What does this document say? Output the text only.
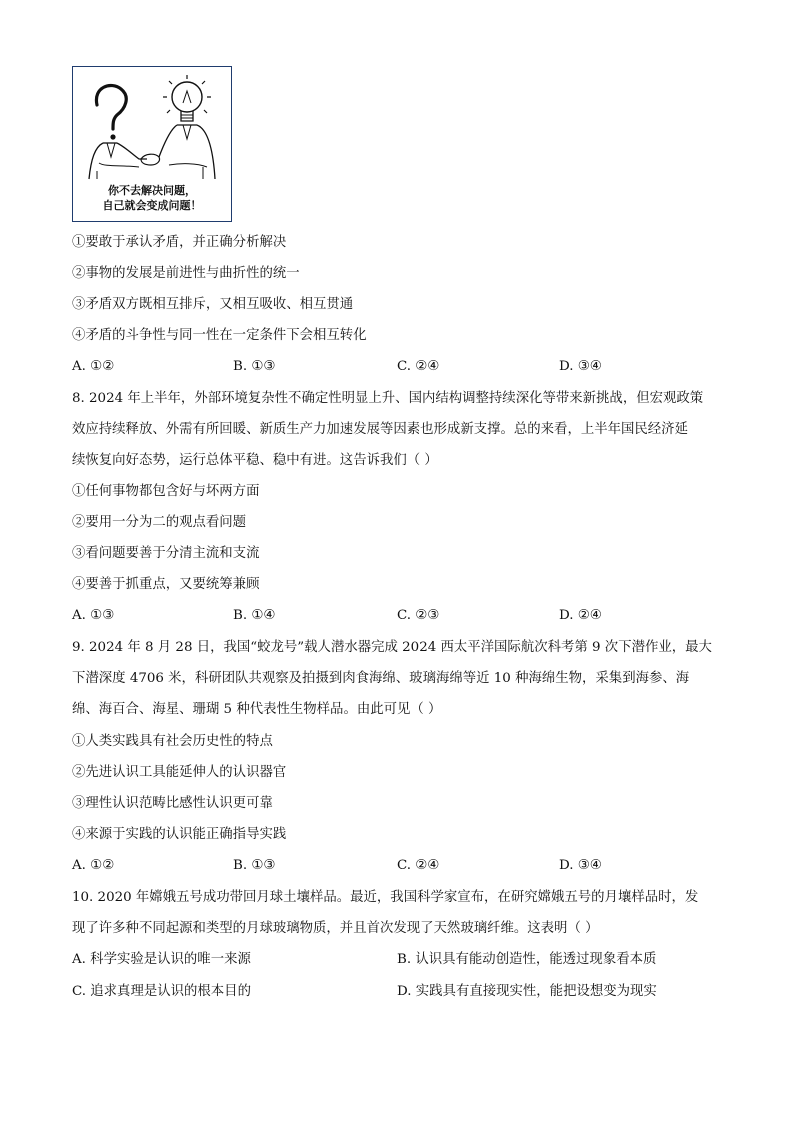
你不去解决问题，
自己就会变成问题！
①要敢于承认矛盾，并正确分析解决
②事物的发展是前进性与曲折性的统一
③矛盾双方既相互排斥，又相互吸收、相互贯通
④矛盾的斗争性与同一性在一定条件下会相互转化
A. ①②	B. ①③	C. ②④	D. ③④
8. 2024 年上半年，外部环境复杂性不确定性明显上升、国内结构调整持续深化等带来新挑战，但宏观政策
效应持续释放、外需有所回暖、新质生产力加速发展等因素也形成新支撑。总的来看，上半年国民经济延
续恢复向好态势，运行总体平稳、稳中有进。这告诉我们（ ）
①任何事物都包含好与坏两方面
②要用一分为二的观点看问题
③看问题要善于分清主流和支流
④要善于抓重点，又要统筹兼顾
A. ①③	B. ①④	C. ②③	D. ②④
9. 2024 年 8 月 28 日，我国“蛟龙号”载人潜水器完成 2024 西太平洋国际航次科考第 9 次下潜作业，最大
下潜深度 4706 米，科研团队共观察及拍摄到肉食海绵、玻璃海绵等近 10 种海绵生物，采集到海参、海
绵、海百合、海星、珊瑚 5 种代表性生物样品。由此可见（ ）
①人类实践具有社会历史性的特点
②先进认识工具能延伸人的认识器官
③理性认识范畴比感性认识更可靠
④来源于实践的认识能正确指导实践
A. ①②	B. ①③	C. ②④	D. ③④
10. 2020 年嫦娥五号成功带回月球土壤样品。最近，我国科学家宣布，在研究嫦娥五号的月壤样品时，发
现了许多种不同起源和类型的月球玻璃物质，并且首次发现了天然玻璃纤维。这表明（ ）
A. 科学实验是认识的唯一来源	B. 认识具有能动创造性，能透过现象看本质
C. 追求真理是认识的根本目的	D. 实践具有直接现实性，能把设想变为现实
